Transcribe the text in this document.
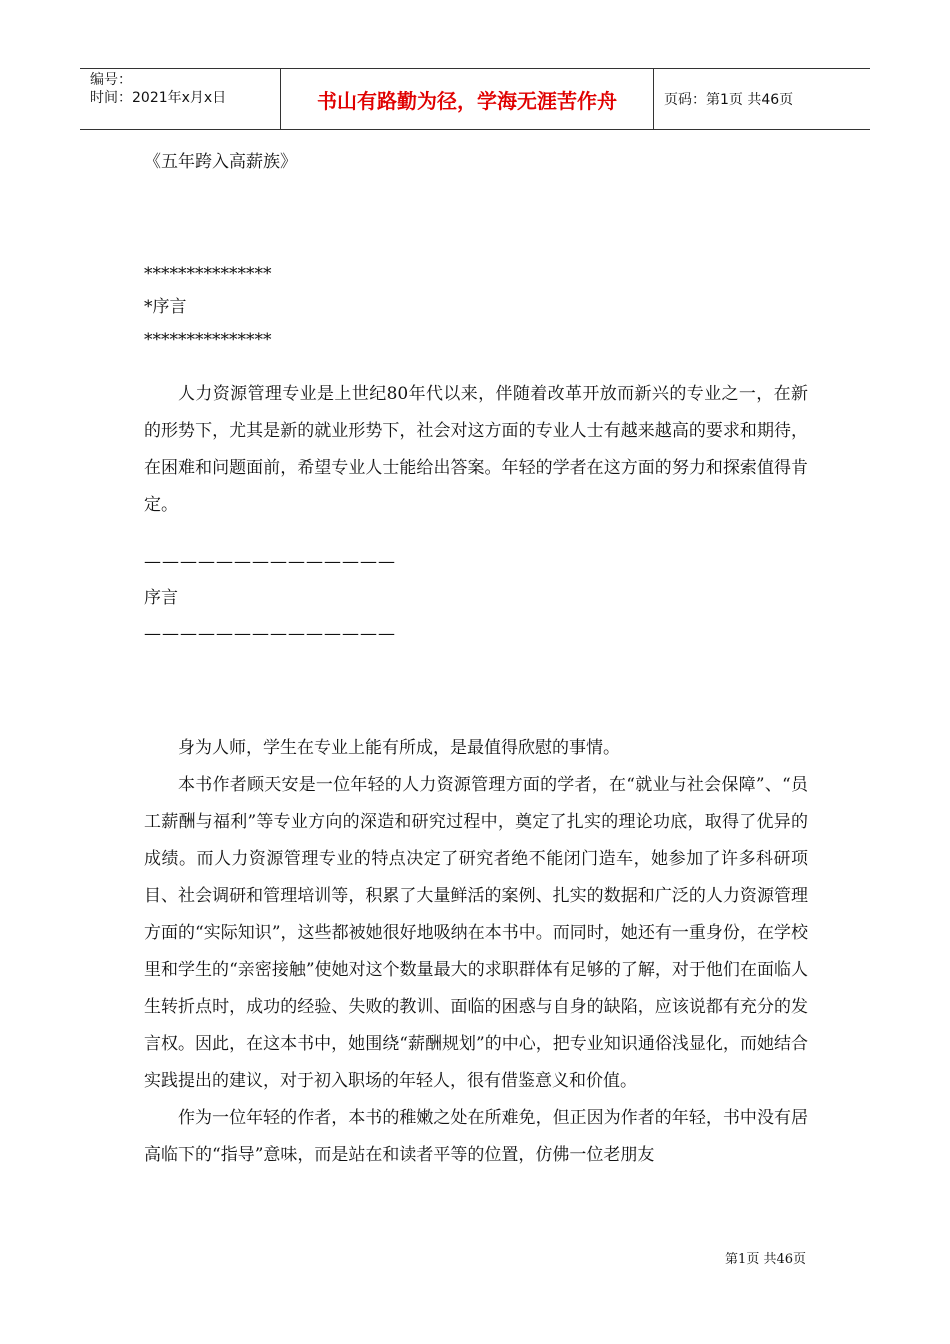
编号：
时间：2021年x月x日	书山有路勤为径，学海无涯苦作舟	页码：第1页 共46页
《五年跨入高薪族》
***************
*序言
***************
人力资源管理专业是上世纪80年代以来，伴随着改革开放而新兴的专业之一，在新的形势下，尤其是新的就业形势下，社会对这方面的专业人士有越来越高的要求和期待，在困难和问题面前，希望专业人士能给出答案。年轻的学者在这方面的努力和探索值得肯定。
——————————————
序言
——————————————
身为人师，学生在专业上能有所成，是最值得欣慰的事情。
本书作者顾天安是一位年轻的人力资源管理方面的学者，在“就业与社会保障”、“员工薪酬与福利”等专业方向的深造和研究过程中，奠定了扎实的理论功底，取得了优异的成绩。而人力资源管理专业的特点决定了研究者绝不能闭门造车，她参加了许多科研项目、社会调研和管理培训等，积累了大量鲜活的案例、扎实的数据和广泛的人力资源管理方面的“实际知识”，这些都被她很好地吸纳在本书中。而同时，她还有一重身份，在学校里和学生的“亲密接触”使她对这个数量最大的求职群体有足够的了解，对于他们在面临人生转折点时，成功的经验、失败的教训、面临的困惑与自身的缺陷，应该说都有充分的发言权。因此，在这本书中，她围绕“薪酬规划”的中心，把专业知识通俗浅显化，而她结合实践提出的建议，对于初入职场的年轻人，很有借鉴意义和价值。
作为一位年轻的作者，本书的稚嫩之处在所难免，但正因为作者的年轻，书中没有居高临下的“指导”意味，而是站在和读者平等的位置，仿佛一位老朋友
第1页 共46页
